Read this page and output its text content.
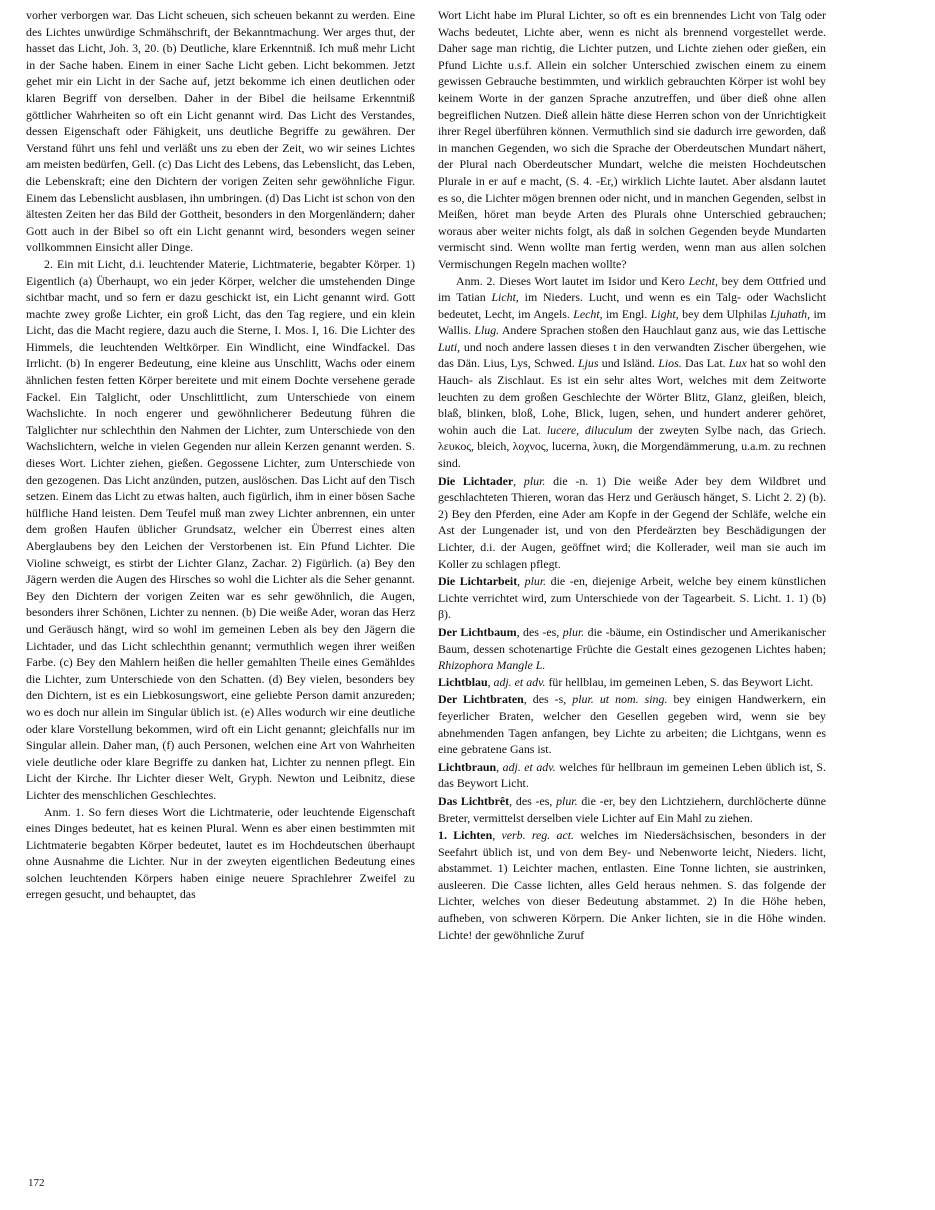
vorher verborgen war. Das Licht scheuen, sich scheuen bekannt zu werden. Eine des Lichtes unwürdige Schmähschrift, der Bekanntmachung. Wer arges thut, der hasset das Licht, Joh. 3, 20. (b) Deutliche, klare Erkenntniß. Ich muß mehr Licht in der Sache haben. Einem in einer Sache Licht geben. Licht bekommen. Jetzt gehet mir ein Licht in der Sache auf, jetzt bekomme ich einen deutlichen oder klaren Begriff von derselben. Daher in der Bibel die heilsame Erkenntniß göttlicher Wahrheiten so oft ein Licht genannt wird. Das Licht des Verstandes, dessen Eigenschaft oder Fähigkeit, uns deutliche Begriffe zu gewähren. Der Verstand führt uns fehl und verläßt uns zu eben der Zeit, wo wir seines Lichtes am meisten bedürfen, Gell. (c) Das Licht des Lebens, das Lebenslicht, das Leben, die Lebenskraft; eine den Dichtern der vorigen Zeiten sehr gewöhnliche Figur. Einem das Lebenslicht ausblasen, ihn umbringen. (d) Das Licht ist schon von den ältesten Zeiten her das Bild der Gottheit, besonders in den Morgenländern; daher Gott auch in der Bibel so oft ein Licht genannt wird, besonders wegen seiner vollkommnen Einsicht aller Dinge.

2. Ein mit Licht, d.i. leuchtender Materie, Lichtmaterie, begabter Körper. 1) Eigentlich (a) Überhaupt, wo ein jeder Körper, welcher die umstehenden Dinge sichtbar macht, und so fern er dazu geschickt ist, ein Licht genannt wird. Gott machte zwey große Lichter, ein groß Licht, das den Tag regiere, und ein klein Licht, das die Macht regiere, dazu auch die Sterne, I. Mos. I, 16. Die Lichter des Himmels, die leuchtenden Weltkörper. Ein Windlicht, eine Windfackel. Das Irrlicht. (b) In engerer Bedeutung, eine kleine aus Unschlitt, Wachs oder einem ähnlichen festen fetten Körper bereitete und mit einem Dochte versehene gerade Fackel. Ein Talglicht, oder Unschlittlicht, zum Unterschiede von einem Wachslichte. In noch engerer und gewöhnlicherer Bedeutung führen die Talglichter nur schlechthin den Nahmen der Lichter, zum Unterschiede von den Wachslichtern, welche in vielen Gegenden nur allein Kerzen genannt werden. S. dieses Wort. Lichter ziehen, gießen. Gegossene Lichter, zum Unterschiede von den gezogenen. Das Licht anzünden, putzen, auslöschen. Das Licht auf den Tisch setzen. Einem das Licht zu etwas halten, auch figürlich, ihm in einer bösen Sache hülfliche Hand leisten. Dem Teufel muß man zwey Lichter anbrennen, ein unter dem großen Haufen üblicher Grundsatz, welcher ein Überrest eines alten Aberglaubens bey den Leichen der Verstorbenen ist. Ein Pfund Lichter. Die Violine schweigt, es stirbt der Lichter Glanz, Zachar. 2) Figürlich. (a) Bey den Jägern werden die Augen des Hirsches so wohl die Lichter als die Seher genannt. Bey den Dichtern der vorigen Zeiten war es sehr gewöhnlich, die Augen, besonders ihrer Schönen, Lichter zu nennen. (b) Die weiße Ader, woran das Herz und Geräusch hängt, wird so wohl im gemeinen Leben als bey den Jägern die Lichtader, und das Licht schlechthin genannt; vermuthlich wegen ihrer weißen Farbe. (c) Bey den Mahlern heißen die heller gemahlten Theile eines Gemähldes die Lichter, zum Unterschiede von den Schatten. (d) Bey vielen, besonders bey den Dichtern, ist es ein Liebkosungswort, eine geliebte Person damit anzureden; wo es doch nur allein im Singular üblich ist. (e) Alles wodurch wir eine deutliche oder klare Vorstellung bekommen, wird oft ein Licht genannt; gleichfalls nur im Singular allein. Daher man, (f) auch Personen, welchen eine Art von Wahrheiten viele deutliche oder klare Begriffe zu danken hat, Lichter zu nennen pflegt. Ein Licht der Kirche. Ihr Lichter dieser Welt, Gryph. Newton und Leibnitz, diese Lichter des menschlichen Geschlechtes.

Anm. 1. So fern dieses Wort die Lichtmaterie, oder leuchtende Eigenschaft eines Dinges bedeutet, hat es keinen Plural. Wenn es aber einen bestimmten mit Lichtmaterie begabten Körper bedeutet, lautet es im Hochdeutschen überhaupt ohne Ausnahme die Lichter. Nur in der zweyten eigentlichen Bedeutung eines solchen leuchtenden Körpers haben einige neuere Sprachlehrer Zweifel zu erregen gesucht, und behauptet, das

Wort Licht habe im Plural Lichter, so oft es ein brennendes Licht von Talg oder Wachs bedeutet, Lichte aber, wenn es nicht als brennend vorgestellet werde. Daher sage man richtig, die Lichter putzen, und Lichte ziehen oder gießen, ein Pfund Lichte u.s.f. Allein ein solcher Unterschied zwischen einem zu einem gewissen Gebrauche bestimmten, und wirklich gebrauchten Körper ist wohl bey keinem Worte in der ganzen Sprache anzutreffen, und über dieß ohne allen begreiflichen Nutzen. Dieß allein hätte diese Herren schon von der Unrichtigkeit ihrer Regel überführen können. Vermuthlich sind sie dadurch irre geworden, daß in manchen Gegenden, wo sich die Sprache der Oberdeutschen Mundart nähert, der Plural nach Oberdeutscher Mundart, welche die meisten Hochdeutschen Plurale in er auf e macht, (S. 4. -Er,) wirklich Lichte lautet. Aber alsdann lautet es so, die Lichter mögen brennen oder nicht, und in manchen Gegenden, selbst in Meißen, höret man beyde Arten des Plurals ohne Unterschied gebrauchen; woraus aber weiter nichts folgt, als daß in solchen Gegenden beyde Mundarten vermischt sind. Wenn wollte man fertig werden, wenn man aus allen solchen Vermischungen Regeln machen wollte?

Anm. 2. Dieses Wort lautet im Isidor und Kero Lecht, bey dem Ottfried und im Tatian Licht, im Nieders. Lucht, und wenn es ein Talg- oder Wachslicht bedeutet, Lecht, im Angels. Lecht, im Engl. Light, bey dem Ulphilas Ljuhath, im Wallis. Llug. Andere Sprachen stoßen den Hauchlaut ganz aus, wie das Lettische Luti, und noch andere lassen dieses t in den verwandten Zischer übergehen, wie das Dän. Lius, Lys, Schwed. Ljus und Isländ. Lios. Das Lat. Lux hat so wohl den Hauch- als Zischlaut. Es ist ein sehr altes Wort, welches mit dem Zeitworte leuchten zu dem großen Geschlechte der Wörter Blitz, Glanz, gleißen, bleich, blaß, blinken, bloß, Lohe, Blick, lugen, sehen, und hundert anderer gehöret, wohin auch die Lat. lucere, diluculum der zweyten Sylbe nach, das Griech. λευκος, bleich, λοχνος, lucerna, λυκη, die Morgendämmerung, u.a.m. zu rechnen sind.

Die Lichtader, plur. die -n. 1) Die weiße Ader bey dem Wildbret und geschlachteten Thieren, woran das Herz und Geräusch hänget, S. Licht 2. 2) (b). 2) Bey den Pferden, eine Ader am Kopfe in der Gegend der Schläfe, welche ein Ast der Lungenader ist, und von den Pferdeärzten bey Beschädigungen der Lichter, d.i. der Augen, geöffnet wird; die Kollerader, weil man sie auch im Koller zu schlagen pflegt.

Die Lichtarbeit, plur. die -en, diejenige Arbeit, welche bey einem künstlichen Lichte verrichtet wird, zum Unterschiede von der Tagearbeit. S. Licht. 1. 1) (b) β).

Der Lichtbaum, des -es, plur. die -bäume, ein Ostindischer und Amerikanischer Baum, dessen schotenartige Früchte die Gestalt eines gezogenen Lichtes haben; Rhizophora Mangle L.

Lichtblau, adj. et adv. für hellblau, im gemeinen Leben, S. das Beywort Licht.

Der Lichtbraten, des -s, plur. ut nom. sing. bey einigen Handwerkern, ein feyerlicher Braten, welcher den Gesellen gegeben wird, wenn sie bey abnehmenden Tagen anfangen, bey Lichte zu arbeiten; die Lichtgans, wenn es eine gebratene Gans ist.

Lichtbraun, adj. et adv. welches für hellbraun im gemeinen Leben üblich ist, S. das Beywort Licht.

Das Lichtbrêt, des -es, plur. die -er, bey den Lichtziehern, durchlöcherte dünne Breter, vermittelst derselben viele Lichter auf Ein Mahl zu ziehen.

1. Lichten, verb. reg. act. welches im Niedersächsischen, besonders in der Seefahrt üblich ist, und von dem Bey- und Nebenworte leicht, Nieders. licht, abstammet. 1) Leichter machen, entlasten. Eine Tonne lichten, sie austrinken, ausleeren. Die Casse lichten, alles Geld heraus nehmen. S. das folgende der Lichter, welches von dieser Bedeutung abstammet. 2) In die Höhe heben, aufheben, von schweren Körpern. Die Anker lichten, sie in die Höhe winden. Lichte! der gewöhnliche Zuruf

172
